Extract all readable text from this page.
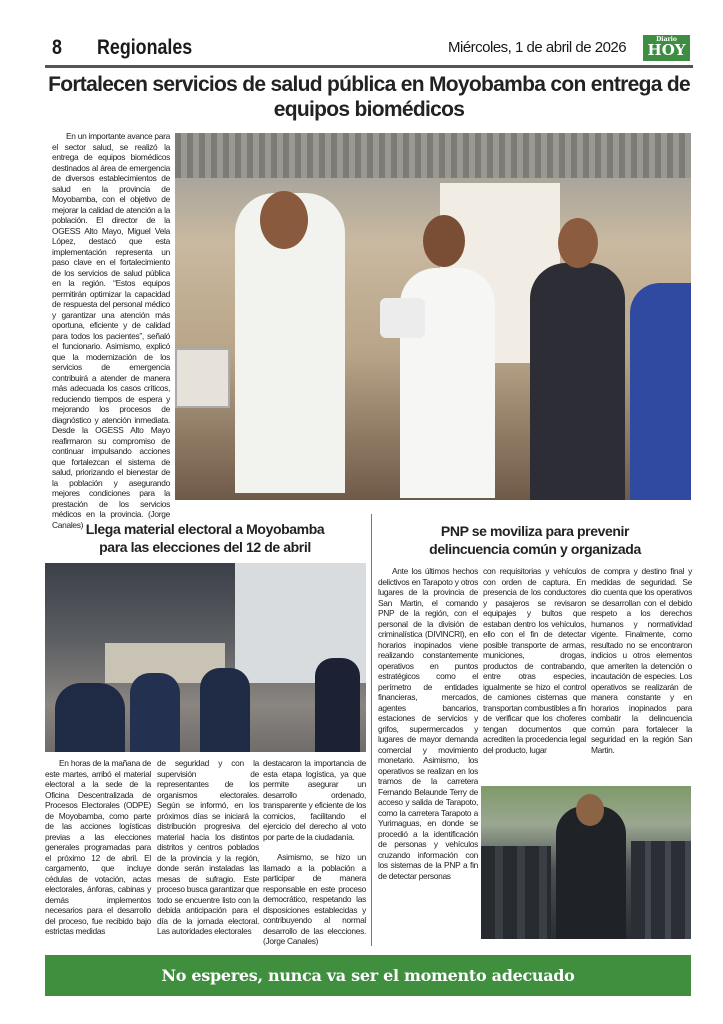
8 Regionales	Miércoles, 1 de abril de 2026	Diario
HOY
Fortalecen servicios de salud pública en Moyobamba con entrega de equipos biomédicos

En un importante avance para el sector salud, se realizó la entrega de equipos biomédicos destinados al área de emergencia de diversos establecimientos de salud en la provincia de Moyobamba, con el objetivo de mejorar la calidad de atención a la población. El director de la OGESS Alto Mayo, Miguel Vela López, destacó que esta implementación representa un paso clave en el fortalecimiento de los servicios de salud pública en la región. “Estos equipos permitirán optimizar la capacidad de respuesta del personal médico y garantizar una atención más oportuna, eficiente y de calidad para todos los pacientes”, señaló el funcionario. Asimismo, explicó que la modernización de los servicios de emergencia contribuirá a atender de manera más adecuada los casos críticos, reduciendo tiempos de espera y mejorando los procesos de diagnóstico y atención inmediata. Desde la OGESS Alto Mayo reafirmaron su compromiso de continuar impulsando acciones que fortalezcan el sistema de salud, priorizando el bienestar de la población y asegurando mejores condiciones para la prestación de los servicios médicos en la provincia. (Jorge Canales) Llega material electoral a Moyobamba
para las elecciones del 12 de abril

En horas de la mañana de este martes, arribó el material electoral a la sede de la Oficina Descentralizada de Procesos Electorales (ODPE) de Moyobamba, como parte de las acciones logísticas previas a las elecciones generales programadas para el próximo 12 de abril. El cargamento, que incluye cédulas de votación, actas electorales, ánforas, cabinas y demás implementos necesarios para el desarrollo del proceso, fue recibido bajo estrictas medidas

de seguridad y con la supervisión de representantes de los organismos electorales. Según se informó, en los próximos días se iniciará la distribución progresiva del material hacia los distintos distritos y centros poblados de la provincia y la región, donde serán instaladas las mesas de sufragio. Este proceso busca garantizar que todo se encuentre listo con la debida anticipación para el día de la jornada electoral. Las autoridades electorales

destacaron la importancia de esta etapa logística, ya que permite asegurar un desarrollo ordenado, transparente y eficiente de los comicios, facilitando el ejercicio del derecho al voto por parte de la ciudadanía.

Asimismo, se hizo un llamado a la población a participar de manera responsable en este proceso democrático, respetando las disposiciones establecidas y contribuyendo al normal desarrollo de las elecciones. (Jorge Canales)

PNP se moviliza para prevenir
delincuencia común y organizada

Ante los últimos hechos delictivos en Tarapoto y otros lugares de la provincia de San Martin, el comando PNP de la región, con el personal de la división de criminalística (DIVINCRI), en horarios inopinados viene realizando constantemente operativos en puntos estratégicos como el perímetro de entidades financieras, mercados, agentes bancarios, estaciones de servicios y grifos, supermercados y lugares de mayor demanda comercial y movimiento monetario. Asimismo, los operativos se realizan en los tramos de la carretera Fernando Belaunde Terry de acceso y salida de Tarapoto, como la carretera Tarapoto a Yurimaguas, en donde se procedió a la identificación de personas y vehículos cruzando información con los sistemas de la PNP a fin de detectar personas

con requisitorias y vehículos con orden de captura. En presencia de los conductores y pasajeros se revisaron equipajes y bultos que estaban dentro los vehículos, ello con el fin de detectar posible transporte de armas, municiones, drogas, productos de contrabando, entre otras especies, igualmente se hizo el control de camiones cisternas que transportan combustibles a fin de verificar que los choferes tengan documentos que acrediten la procedencia legal del producto, lugar

de compra y destino final y medidas de seguridad. Se dio cuenta que los operativos se desarrollan con el debido respeto a los derechos humanos y normatividad vigente. Finalmente, como resultado no se encontraron indicios u otros elementos que ameriten la detención o incautación de especies. Los operativos se realizarán de manera constante y en horarios inopinados para combatir la delincuencia común para fortalecer la seguridad en la región San Martin.

No esperes, nunca va ser el momento adecuado
